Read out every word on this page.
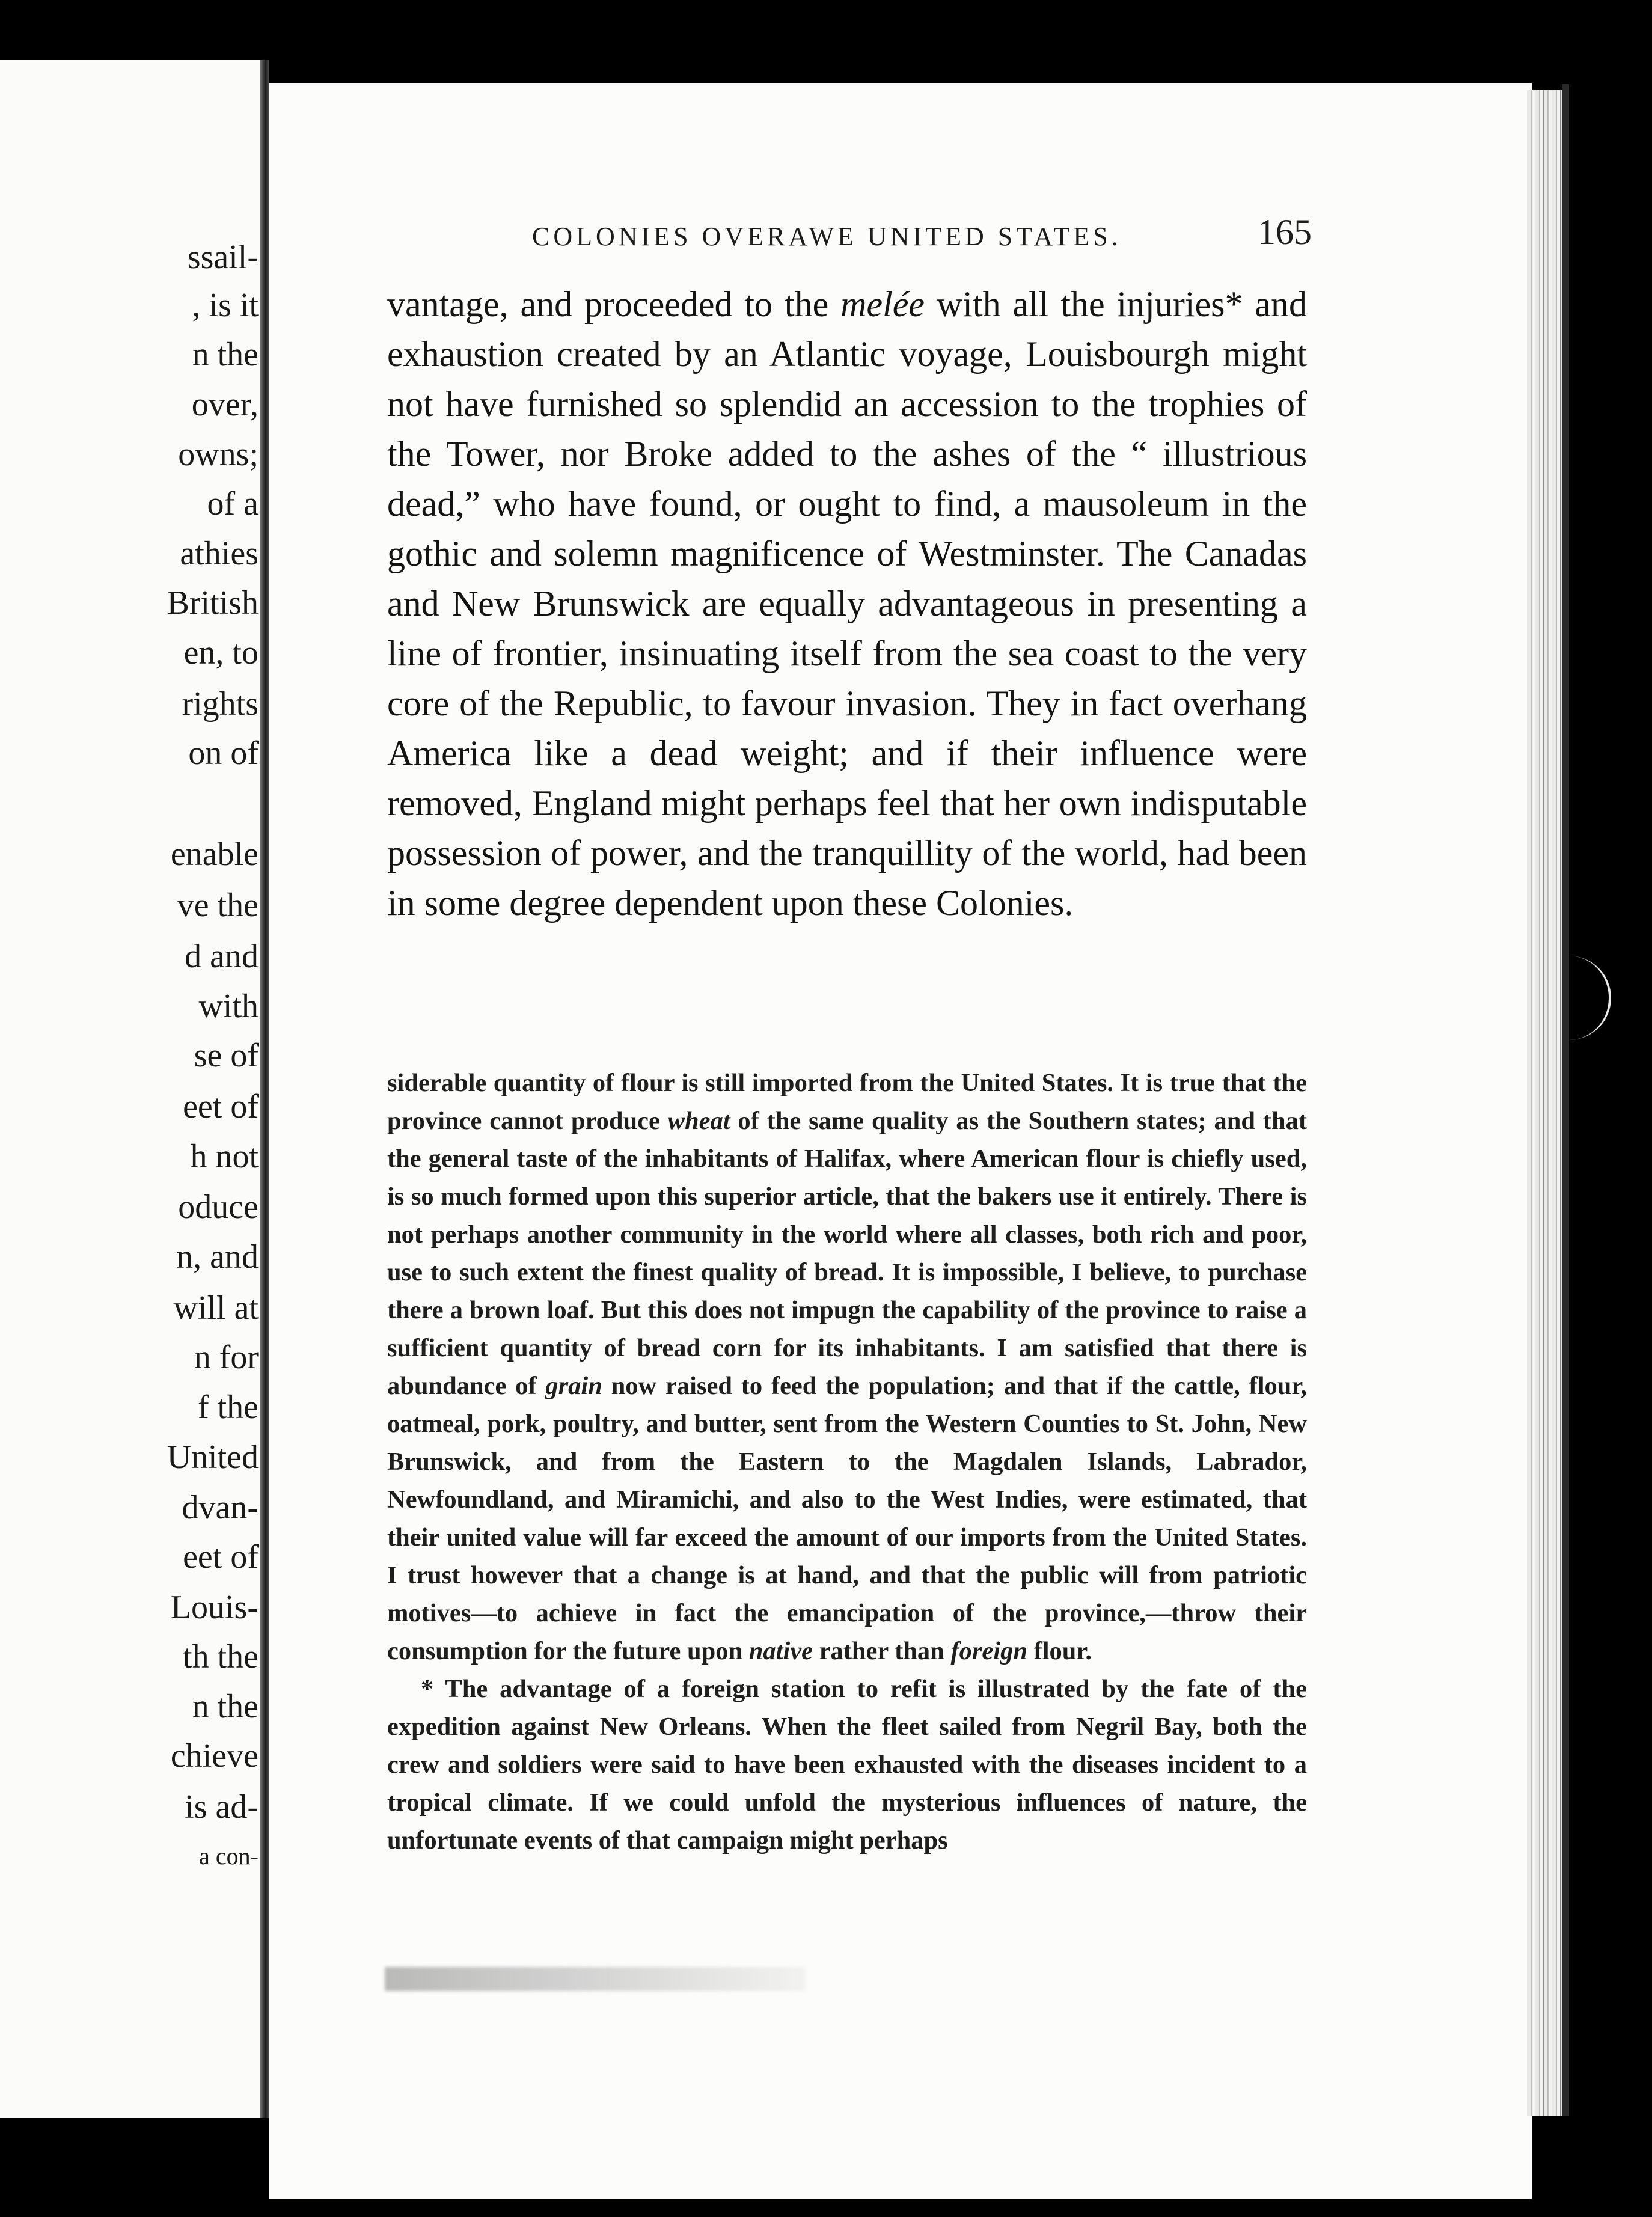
ssail-
, is it
n the
over,
owns;
of a
athies
British
en, to
rights
on of
enable
ve the
d and
with
se of
eet of
h not
oduce
n, and
will at
n for
f the
United
dvan-
eet of
Louis-
th the
n the
chieve
is ad-
a con-
COLONIES OVERAWE UNITED STATES.	165
vantage, and proceeded to the melée with all the injuries* and exhaustion created by an Atlantic voyage, Louisbourgh might not have furnished so splendid an accession to the trophies of the Tower, nor Broke added to the ashes of the “ illustrious dead,” who have found, or ought to find, a mausoleum in the gothic and solemn magnificence of Westminster. The Canadas and New Brunswick are equally advantageous in presenting a line of frontier, insinuating itself from the sea coast to the very core of the Republic, to favour invasion. They in fact overhang America like a dead weight; and if their influence were removed, England might perhaps feel that her own indisputable possession of power, and the tranquillity of the world, had been in some degree dependent upon these Colonies.

siderable quantity of flour is still imported from the United States. It is true that the province cannot produce wheat of the same quality as the Southern states; and that the general taste of the inhabitants of Halifax, where American flour is chiefly used, is so much formed upon this superior article, that the bakers use it entirely. There is not perhaps another community in the world where all classes, both rich and poor, use to such extent the finest quality of bread. It is impossible, I believe, to purchase there a brown loaf. But this does not impugn the capability of the province to raise a sufficient quantity of bread corn for its inhabitants. I am satisfied that there is abundance of grain now raised to feed the population; and that if the cattle, flour, oatmeal, pork, poultry, and butter, sent from the Western Counties to St. John, New Brunswick, and from the Eastern to the Magdalen Islands, Labrador, Newfoundland, and Miramichi, and also to the West Indies, were estimated, that their united value will far exceed the amount of our imports from the United States. I trust however that a change is at hand, and that the public will from patriotic motives—to achieve in fact the emancipation of the province,—throw their consumption for the future upon native rather than foreign flour.

* The advantage of a foreign station to refit is illustrated by the fate of the expedition against New Orleans. When the fleet sailed from Negril Bay, both the crew and soldiers were said to have been exhausted with the diseases incident to a tropical climate. If we could unfold the mysterious influences of nature, the unfortunate events of that campaign might perhaps
